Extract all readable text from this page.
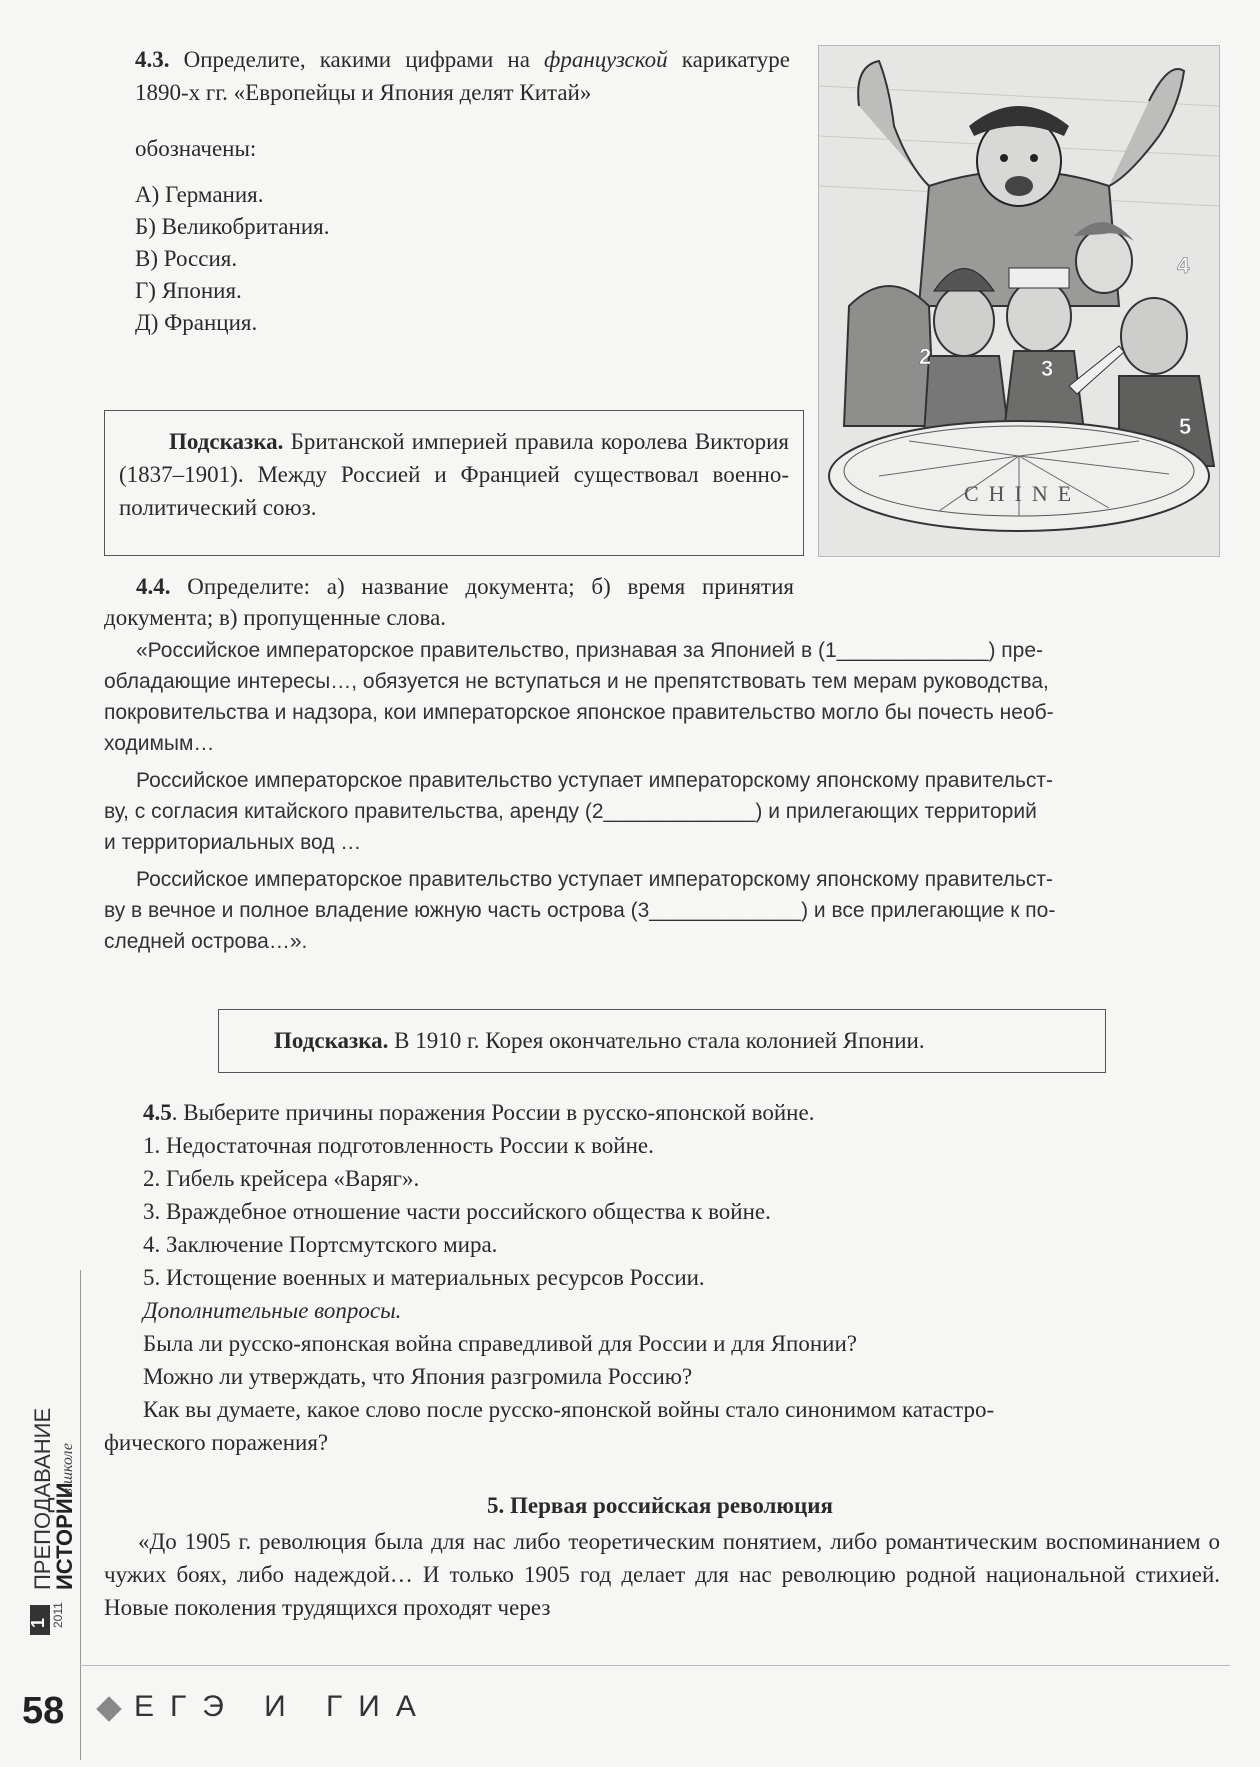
4.3. Определите, какими цифрами на французской карикатуре 1890-х гг. «Европейцы и Япония делят Китай»
обозначены:
А) Германия.
Б) Великобритания.
В) Россия.
Г) Япония.
Д) Франция.
CHINE
2	3
4
5
Подсказка. Британской империей правила королева Виктория (1837–1901). Между Россией и Францией существовал военно-политический союз.
4.4. Определите: а) название документа; б) время принятия документа; в) пропущенные слова.
«Российское императорское правительство, признавая за Японией в (1_____________) пре-
обладающие интересы…, обязуется не вступаться и не препятствовать тем мерам руководства,
покровительства и надзора, кои императорское японское правительство могло бы почесть необ-
ходимым…
Российское императорское правительство уступает императорскому японскому правительст-
ву, с согласия китайского правительства, аренду (2_____________) и прилегающих территорий
и территориальных вод …
Российское императорское правительство уступает императорскому японскому правительст-
ву в вечное и полное владение южную часть острова (3_____________) и все прилегающие к по-
следней острова…».
Подсказка. В 1910 г. Корея окончательно стала колонией Японии.
4.5. Выберите причины поражения России в русско-японской войне.
1. Недостаточная подготовленность России к войне.
2. Гибель крейсера «Варяг».
3. Враждебное отношение части российского общества к войне.
4. Заключение Портсмутского мира.
5. Истощение военных и материальных ресурсов России.
Дополнительные вопросы.
Была ли русско-японская война справедливой для России и для Японии?
Можно ли утверждать, что Япония разгромила Россию?
Как вы думаете, какое слово после русско-японской войны стало синонимом катастро-
фического поражения?
5. Первая российская революция
«До 1905 г. революция была для нас либо теоретическим понятием, либо романтическим воспоминанием о чужих боях, либо надеждой… И только 1905 год делает для нас революцию родной национальной стихией. Новые поколения трудящихся проходят через
1 2011
ПРЕПОДАВАНИЕ
ИСТОРИИ
в школе
58 ЕГЭ И ГИА
